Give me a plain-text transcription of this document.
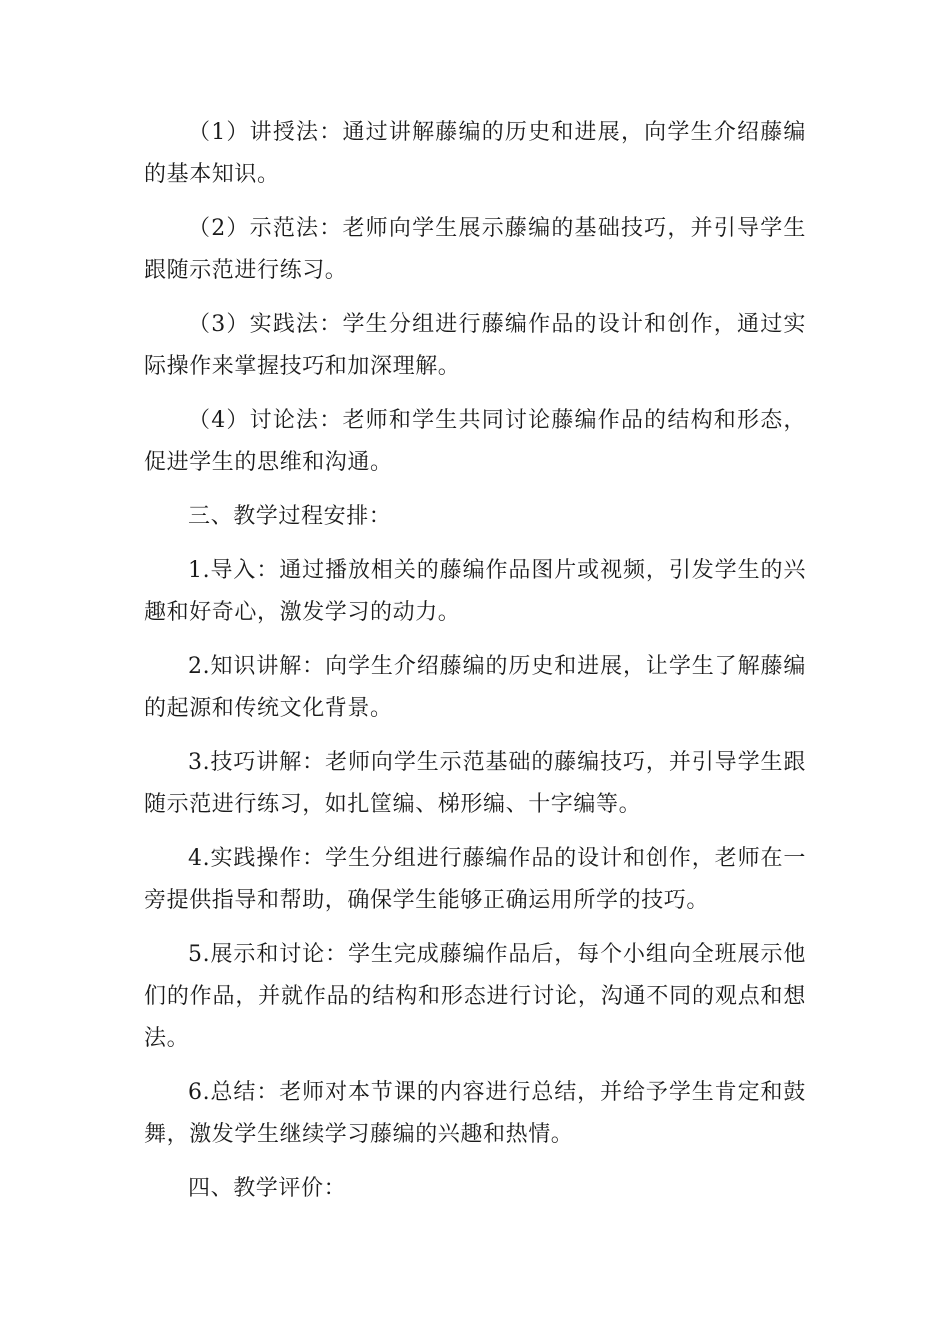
（1）讲授法：通过讲解藤编的历史和进展，向学生介绍藤编的基本知识。

（2）示范法：老师向学生展示藤编的基础技巧，并引导学生跟随示范进行练习。

（3）实践法：学生分组进行藤编作品的设计和创作，通过实际操作来掌握技巧和加深理解。

（4）讨论法：老师和学生共同讨论藤编作品的结构和形态，促进学生的思维和沟通。

三、教学过程安排：

1.导入：通过播放相关的藤编作品图片或视频，引发学生的兴趣和好奇心，激发学习的动力。

2.知识讲解：向学生介绍藤编的历史和进展，让学生了解藤编的起源和传统文化背景。

3.技巧讲解：老师向学生示范基础的藤编技巧，并引导学生跟随示范进行练习，如扎筐编、梯形编、十字编等。

4.实践操作：学生分组进行藤编作品的设计和创作，老师在一旁提供指导和帮助，确保学生能够正确运用所学的技巧。

5.展示和讨论：学生完成藤编作品后，每个小组向全班展示他们的作品，并就作品的结构和形态进行讨论，沟通不同的观点和想法。

6.总结：老师对本节课的内容进行总结，并给予学生肯定和鼓舞，激发学生继续学习藤编的兴趣和热情。

四、教学评价：
